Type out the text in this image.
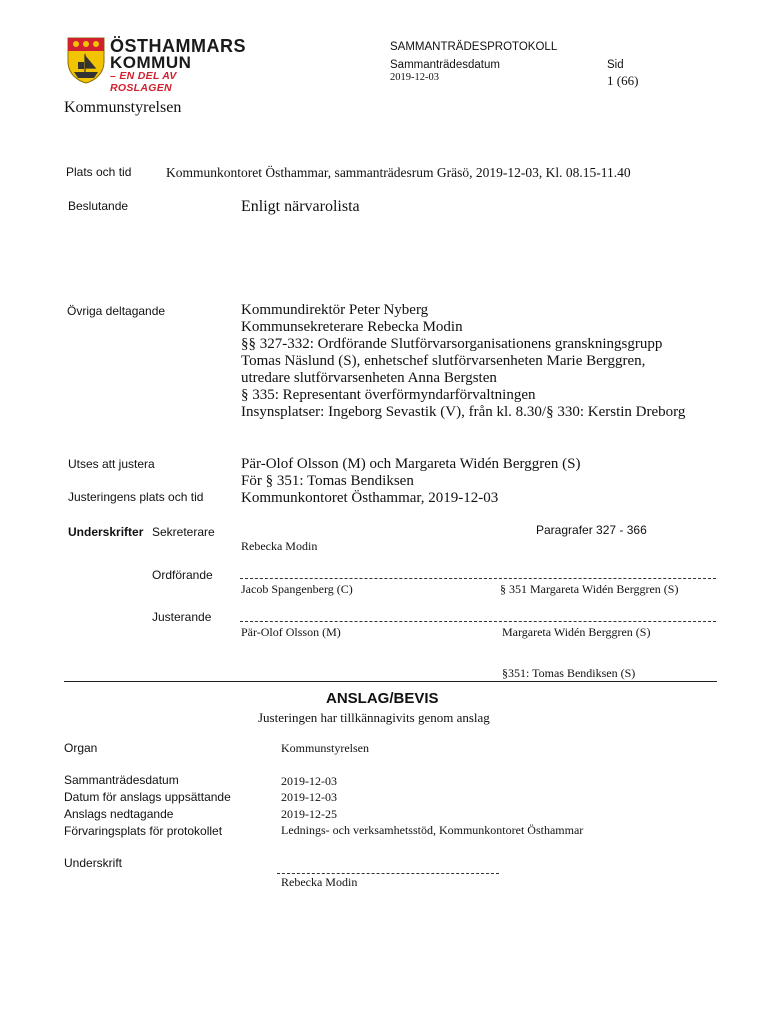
ÖSTHAMMARS
KOMMUN
– EN DEL AV ROSLAGEN
SAMMANTRÄDESPROTOKOLL
Sammanträdesdatum
2019-12-03
Sid
1 (66)
Kommunstyrelsen
Plats och tid	Kommunkontoret Östhammar, sammanträdesrum Gräsö, 2019-12-03, Kl. 08.15-11.40
Beslutande	Enligt närvarolista
Övriga deltagande	Kommundirektör Peter Nyberg
Kommunsekreterare Rebecka Modin
§§ 327-332: Ordförande Slutförvarsorganisationens granskningsgrupp
Tomas Näslund (S), enhetschef slutförvarsenheten Marie Berggren,
utredare slutförvarsenheten Anna Bergsten
§ 335: Representant överförmyndarförvaltningen
Insynsplatser: Ingeborg Sevastik (V), från kl. 8.30/§ 330: Kerstin Dreborg
Utses att justera	Pär-Olof Olsson (M) och Margareta Widén Berggren (S)
För § 351: Tomas Bendiksen
Justeringens plats och tid	Kommunkontoret Östhammar, 2019-12-03
Underskrifter Sekreterare	Paragrafer 327 - 366
Rebecka Modin
Ordförande
Jacob Spangenberg (C)	§ 351 Margareta Widén Berggren (S)
Justerande
Pär-Olof Olsson (M)	Margareta Widén Berggren (S)
§351: Tomas Bendiksen (S)
ANSLAG/BEVIS
Justeringen har tillkännagivits genom anslag
Organ	Kommunstyrelsen
Sammanträdesdatum	2019-12-03
Datum för anslags uppsättande	2019-12-03
Anslags nedtagande	2019-12-25
Förvaringsplats för protokollet	Lednings- och verksamhetsstöd, Kommunkontoret Östhammar
Underskrift
Rebecka Modin
